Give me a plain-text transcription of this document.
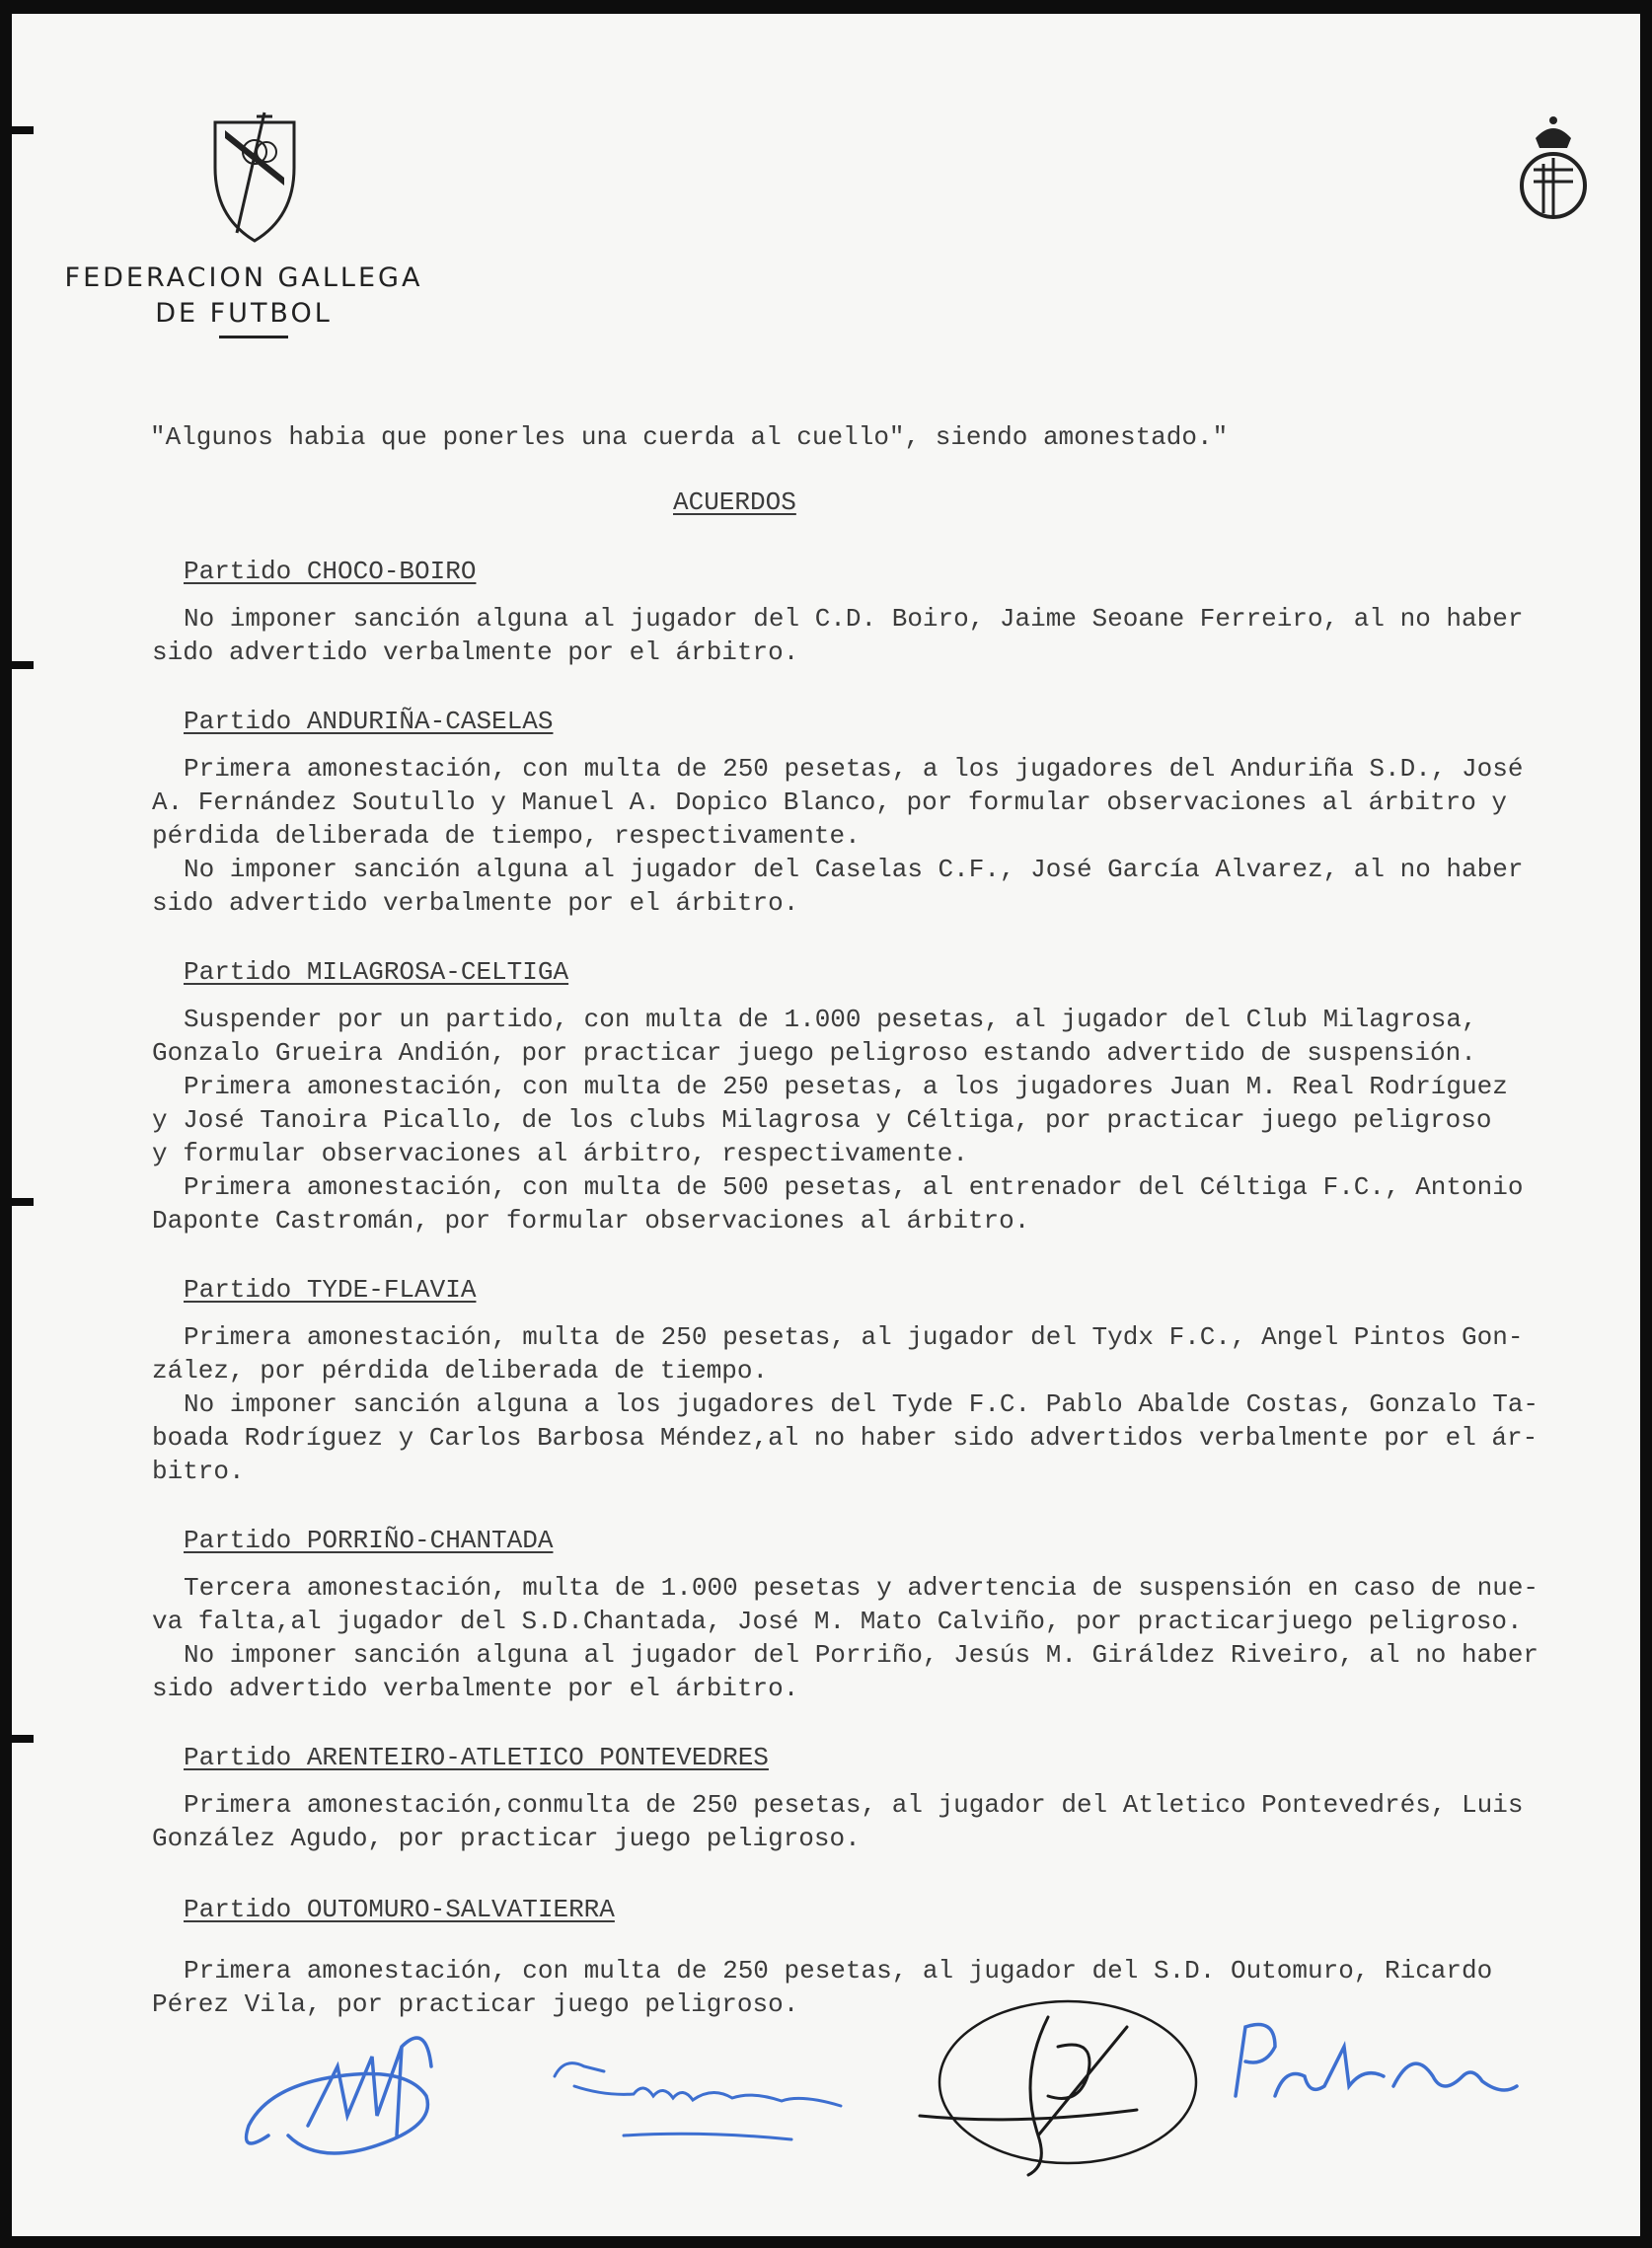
FEDERACION GALLEGA
DE FUTBOL

"Algunos habia que ponerles una cuerda al cuello", siendo amonestado."

ACUERDOS

Partido CHOCO-BOIRO

No imponer sanción alguna al jugador del C.D. Boiro, Jaime Seoane Ferreiro, al no haber

sido advertido verbalmente por el árbitro.

Partido ANDURIÑA-CASELAS

Primera amonestación, con multa de 250 pesetas, a los jugadores del Anduriña S.D., José

A. Fernández Soutullo y Manuel A. Dopico Blanco, por formular observaciones al árbitro y

pérdida deliberada de tiempo, respectivamente.

No imponer sanción alguna al jugador del Caselas C.F., José García Alvarez, al no haber

sido advertido verbalmente por el árbitro.

Partido MILAGROSA-CELTIGA

Suspender por un partido, con multa de 1.000 pesetas, al jugador del Club Milagrosa,

Gonzalo Grueira Andión, por practicar juego peligroso estando advertido de suspensión.

Primera amonestación, con multa de 250 pesetas, a los jugadores Juan M. Real Rodríguez

y José Tanoira Picallo, de los clubs Milagrosa y Céltiga, por practicar juego peligroso

y formular observaciones al árbitro, respectivamente.

Primera amonestación, con multa de 500 pesetas, al entrenador del Céltiga F.C., Antonio

Daponte Castromán, por formular observaciones al árbitro.

Partido TYDE-FLAVIA

Primera amonestación, multa de 250 pesetas, al jugador del Tydx F.C., Angel Pintos Gon-

zález, por pérdida deliberada de tiempo.

No imponer sanción alguna a los jugadores del Tyde F.C. Pablo Abalde Costas, Gonzalo Ta-

boada Rodríguez y Carlos Barbosa Méndez,al no haber sido advertidos verbalmente por el ár-

bitro.

Partido PORRIÑO-CHANTADA

Tercera amonestación, multa de 1.000 pesetas y advertencia de suspensión en caso de nue-

va falta,al jugador del S.D.Chantada, José M. Mato Calviño, por practicarjuego peligroso.

No imponer sanción alguna al jugador del Porriño, Jesús M. Giráldez Riveiro, al no haber

sido advertido verbalmente por el árbitro.

Partido ARENTEIRO-ATLETICO PONTEVEDRES

Primera amonestación,conmulta de 250 pesetas, al jugador del Atletico Pontevedrés, Luis

González Agudo, por practicar juego peligroso.

Partido OUTOMURO-SALVATIERRA

Primera amonestación, con multa de 250 pesetas, al jugador del S.D. Outomuro, Ricardo

Pérez Vila, por practicar juego peligroso.
